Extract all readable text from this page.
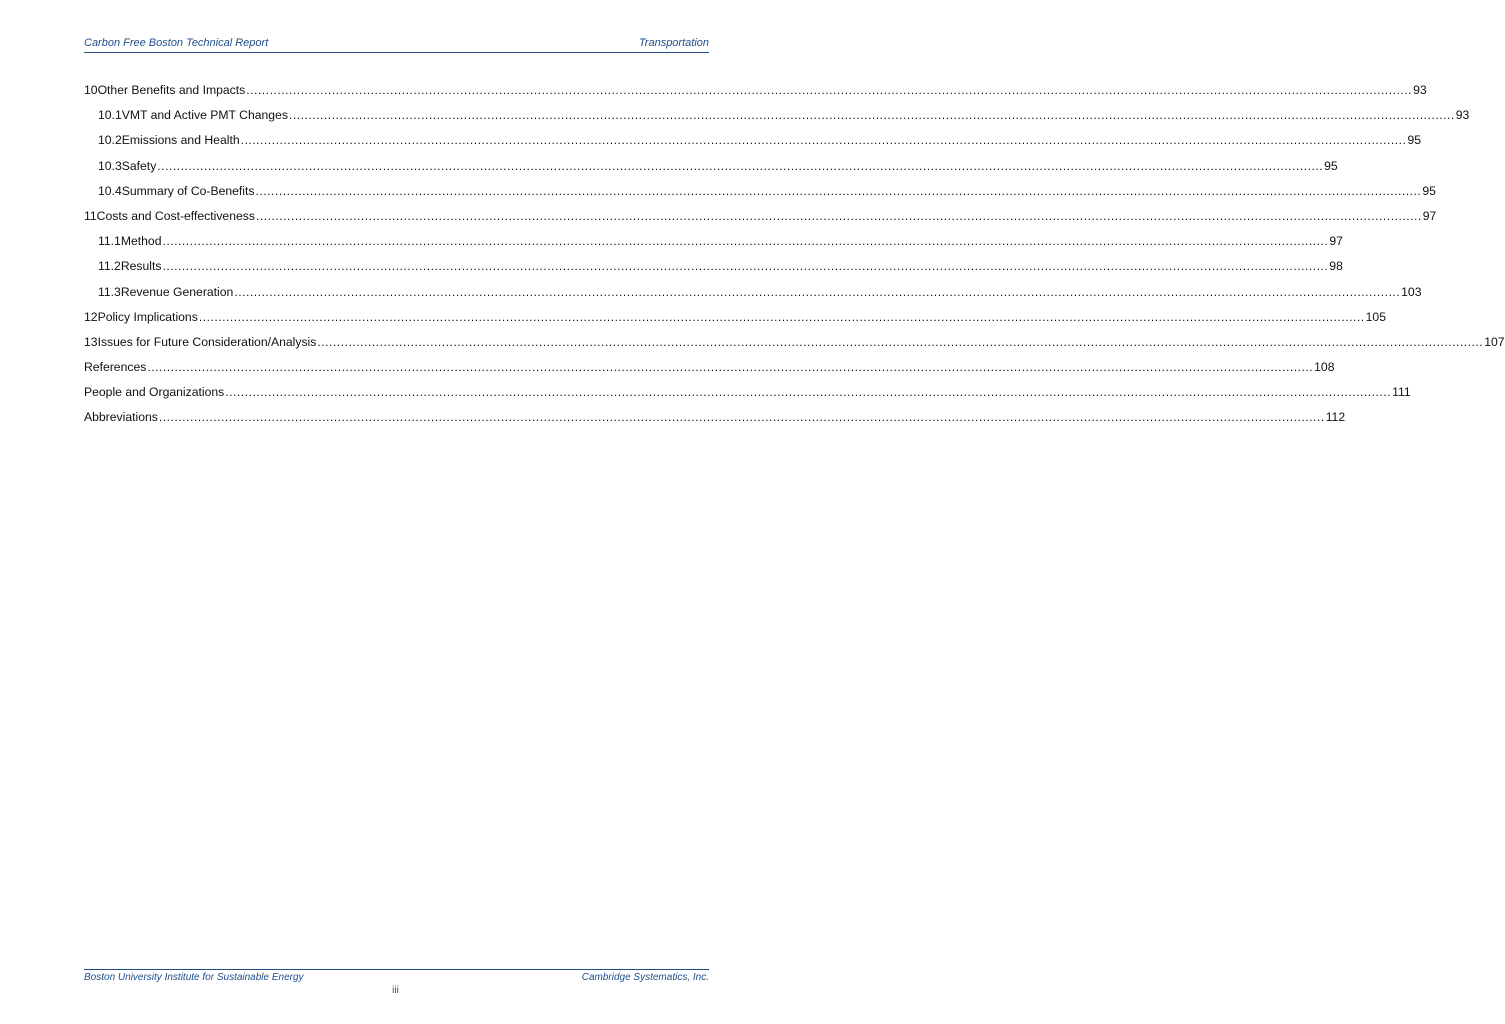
Carbon Free Boston Technical Report	Transportation
10 Other Benefits and Impacts ............................................................................................................................................................................................................................................................................................................ 93
10.1 VMT and Active PMT Changes ............................................................................................................................................................................................................................................................................................................ 93
10.2 Emissions and Health ............................................................................................................................................................................................................................................................................................................ 95
10.3 Safety ............................................................................................................................................................................................................................................................................................................ 95
10.4 Summary of Co-Benefits ............................................................................................................................................................................................................................................................................................................ 95
11 Costs and Cost-effectiveness ............................................................................................................................................................................................................................................................................................................ 97
11.1 Method ............................................................................................................................................................................................................................................................................................................ 97
11.2 Results ............................................................................................................................................................................................................................................................................................................ 98
11.3 Revenue Generation ............................................................................................................................................................................................................................................................................................................ 103
12 Policy Implications ............................................................................................................................................................................................................................................................................................................ 105
13 Issues for Future Consideration/Analysis ............................................................................................................................................................................................................................................................................................................ 107
References ............................................................................................................................................................................................................................................................................................................ 108
People and Organizations ............................................................................................................................................................................................................................................................................................................ 111
Abbreviations ............................................................................................................................................................................................................................................................................................................ 112
Boston University Institute for Sustainable Energy	Cambridge Systematics, Inc.
iii
